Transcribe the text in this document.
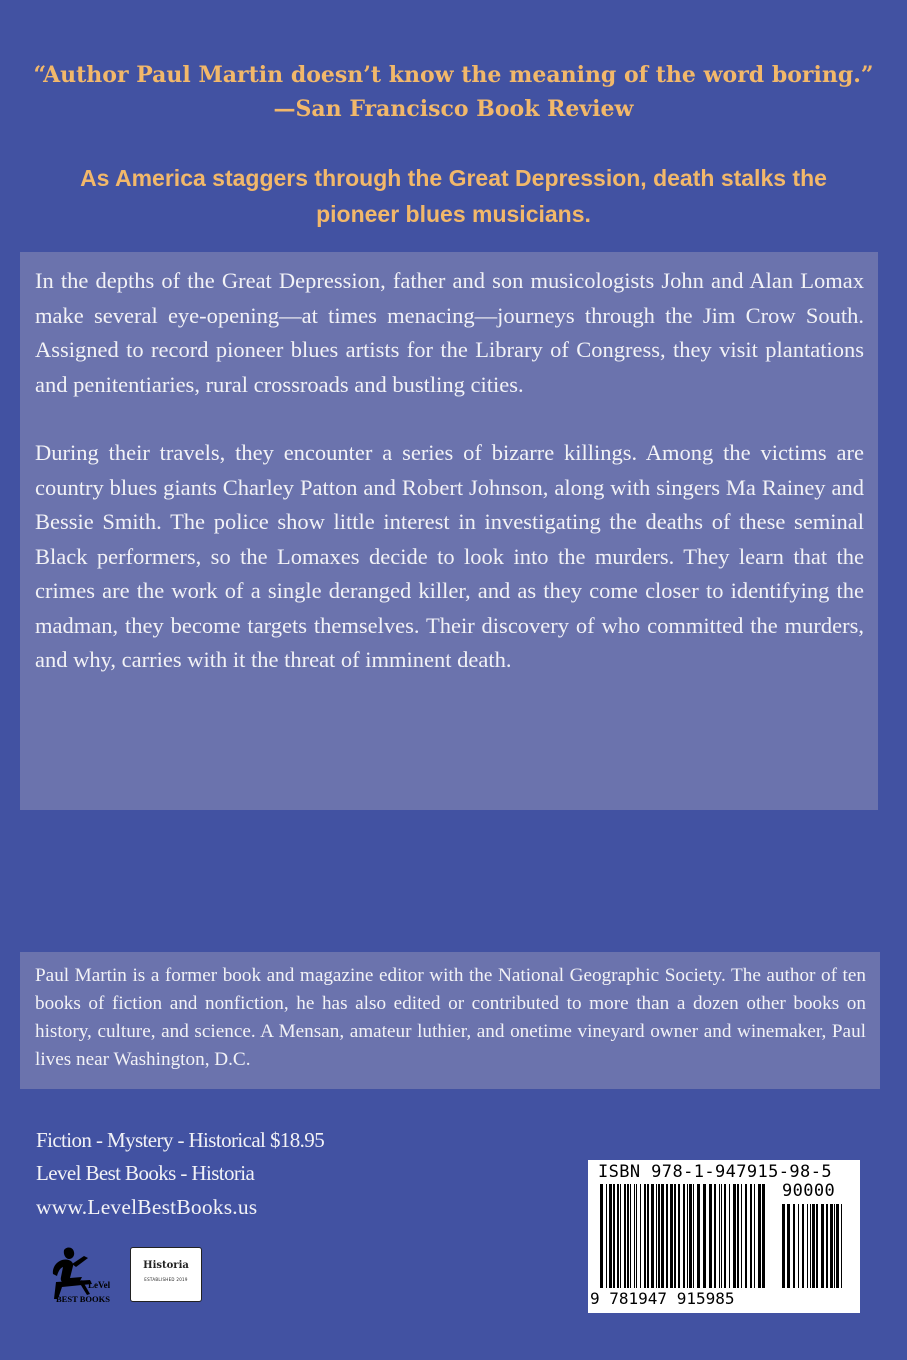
“Author Paul Martin doesn’t know the meaning of the word boring.”
—San Francisco Book Review
As America staggers through the Great Depression, death stalks the pioneer blues musicians.

In the depths of the Great Depression, father and son musicologists John and Alan Lomax make several eye-opening—at times menacing—journeys through the Jim Crow South. Assigned to record pioneer blues artists for the Library of Congress, they visit plantations and penitentiaries, rural crossroads and bustling cities.

During their travels, they encounter a series of bizarre killings. Among the victims are country blues giants Charley Patton and Robert Johnson, along with singers Ma Rainey and Bessie Smith. The police show little interest in investigating the deaths of these seminal Black performers, so the Lomaxes decide to look into the murders. They learn that the crimes are the work of a single deranged killer, and as they come closer to identifying the madman, they become targets themselves. Their discovery of who committed the murders, and why, carries with it the threat of imminent death.

Paul Martin is a former book and magazine editor with the National Geographic Society. The author of ten books of fiction and nonfiction, he has also edited or contributed to more than a dozen other books on history, culture, and science. A Mensan, amateur luthier, and onetime vineyard owner and winemaker, Paul lives near Washington, D.C.

Fiction - Mystery - Historical $18.95
Level Best Books - Historia
www.LevelBestBooks.us
LeVel
BEST BOOKS
Historia
ESTABLISHED 2019
ISBN 978-1-947915-98-5
90000
9 781947 915985
